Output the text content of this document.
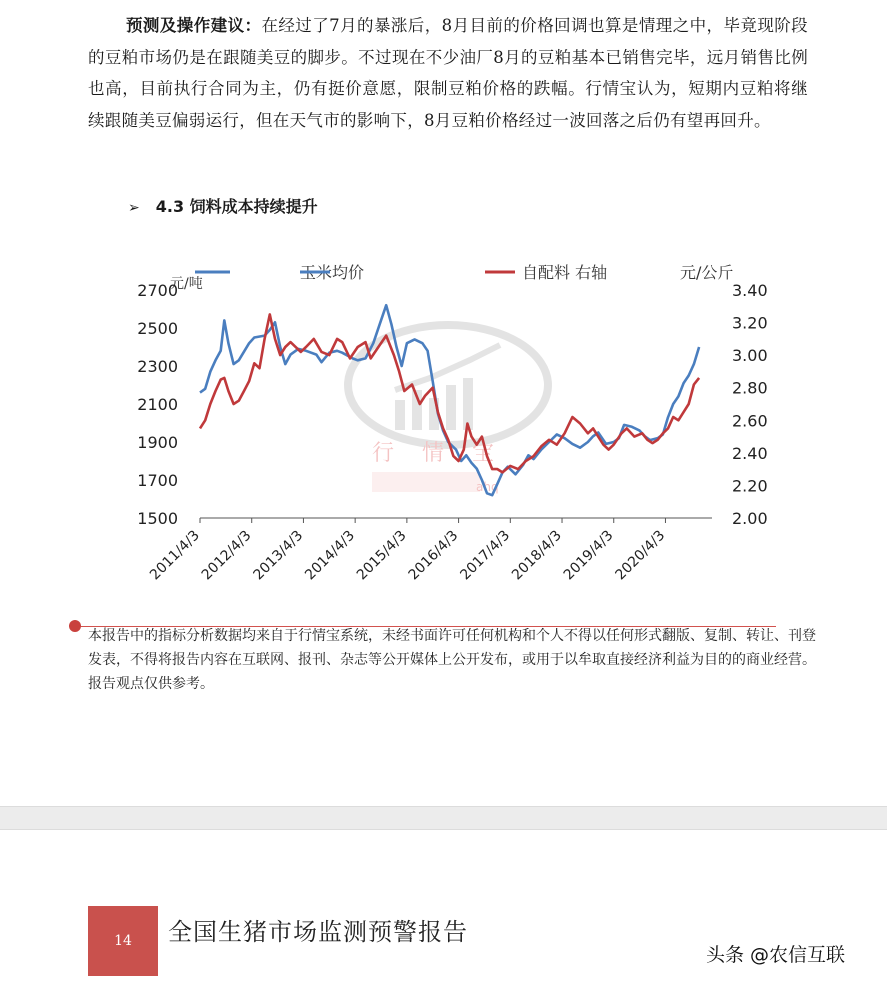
预测及操作建议：在经过了7月的暴涨后，8月目前的价格回调也算是情理之中，毕竟现阶段的豆粕市场仍是在跟随美豆的脚步。不过现在不少油厂8月的豆粕基本已销售完毕，远月销售比例也高，目前执行合同为主，仍有挺价意愿，限制豆粕价格的跌幅。行情宝认为，短期内豆粕将继续跟随美豆偏弱运行，但在天气市的影响下，8月豆粕价格经过一波回落之后仍有望再回升。

➢ 4.3 饲料成本持续提升
行情宝
ahq
玉米均价	自配料 右轴
元/吨
元/公斤
1500
1700
1900
2100
2300
2500
2700
2.00
2.20
2.40
2.60
2.80
3.00
3.20
3.40
2011/4/3
2012/4/3
2013/4/3
2014/4/3
2015/4/3
2016/4/3
2017/4/3
2018/4/3
2019/4/3
2020/4/3

本报告中的指标分析数据均来自于行情宝系统，未经书面许可任何机构和个人不得以任何形式翻版、复制、转让、刊登发表，不得将报告内容在互联网、报刊、杂志等公开媒体上公开发布，或用于以牟取直接经济利益为目的的商业经营。报告观点仅供参考。

14	全国生猪市场监测预警报告
头条 @农信互联
